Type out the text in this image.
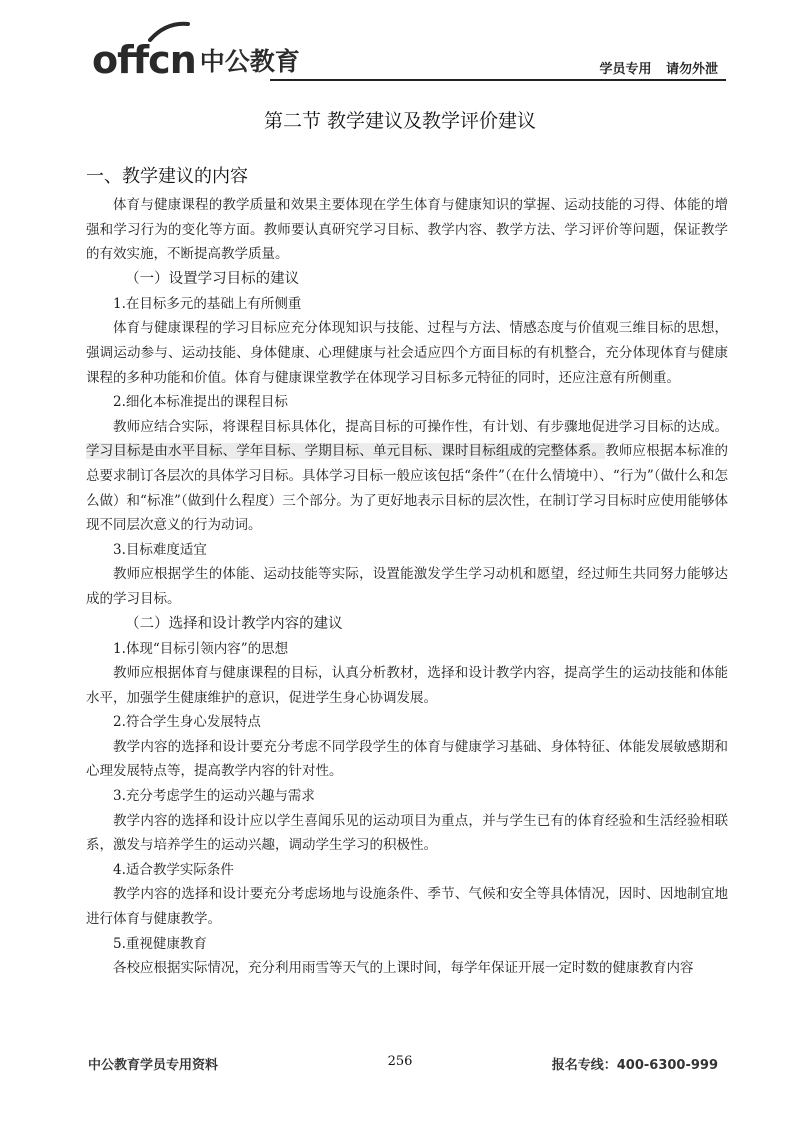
offcn 中公教育	学员专用 请勿外泄
第二节 教学建议及教学评价建议
一、教学建议的内容

体育与健康课程的教学质量和效果主要体现在学生体育与健康知识的掌握、运动技能的习得、体能的增强和学习行为的变化等方面。教师要认真研究学习目标、教学内容、教学方法、学习评价等问题，保证教学的有效实施，不断提高教学质量。

（一）设置学习目标的建议

1.在目标多元的基础上有所侧重

体育与健康课程的学习目标应充分体现知识与技能、过程与方法、情感态度与价值观三维目标的思想，强调运动参与、运动技能、身体健康、心理健康与社会适应四个方面目标的有机整合，充分体现体育与健康课程的多种功能和价值。体育与健康课堂教学在体现学习目标多元特征的同时，还应注意有所侧重。

2.细化本标准提出的课程目标

教师应结合实际，将课程目标具体化，提高目标的可操作性，有计划、有步骤地促进学习目标的达成。学习目标是由水平目标、学年目标、学期目标、单元目标、课时目标组成的完整体系。教师应根据本标准的总要求制订各层次的具体学习目标。具体学习目标一般应该包括“条件”（在什么情境中）、“行为”（做什么和怎么做）和“标准”（做到什么程度）三个部分。为了更好地表示目标的层次性，在制订学习目标时应使用能够体现不同层次意义的行为动词。

3.目标难度适宜

教师应根据学生的体能、运动技能等实际，设置能激发学生学习动机和愿望，经过师生共同努力能够达成的学习目标。

（二）选择和设计教学内容的建议

1.体现“目标引领内容”的思想

教师应根据体育与健康课程的目标，认真分析教材，选择和设计教学内容，提高学生的运动技能和体能水平，加强学生健康维护的意识，促进学生身心协调发展。

2.符合学生身心发展特点

教学内容的选择和设计要充分考虑不同学段学生的体育与健康学习基础、身体特征、体能发展敏感期和心理发展特点等，提高教学内容的针对性。

3.充分考虑学生的运动兴趣与需求

教学内容的选择和设计应以学生喜闻乐见的运动项目为重点，并与学生已有的体育经验和生活经验相联系，激发与培养学生的运动兴趣，调动学生学习的积极性。

4.适合教学实际条件

教学内容的选择和设计要充分考虑场地与设施条件、季节、气候和安全等具体情况，因时、因地制宜地进行体育与健康教学。

5.重视健康教育

各校应根据实际情况，充分利用雨雪等天气的上课时间，每学年保证开展一定时数的健康教育内容

中公教育学员专用资料	256	报名专线：400-6300-999
